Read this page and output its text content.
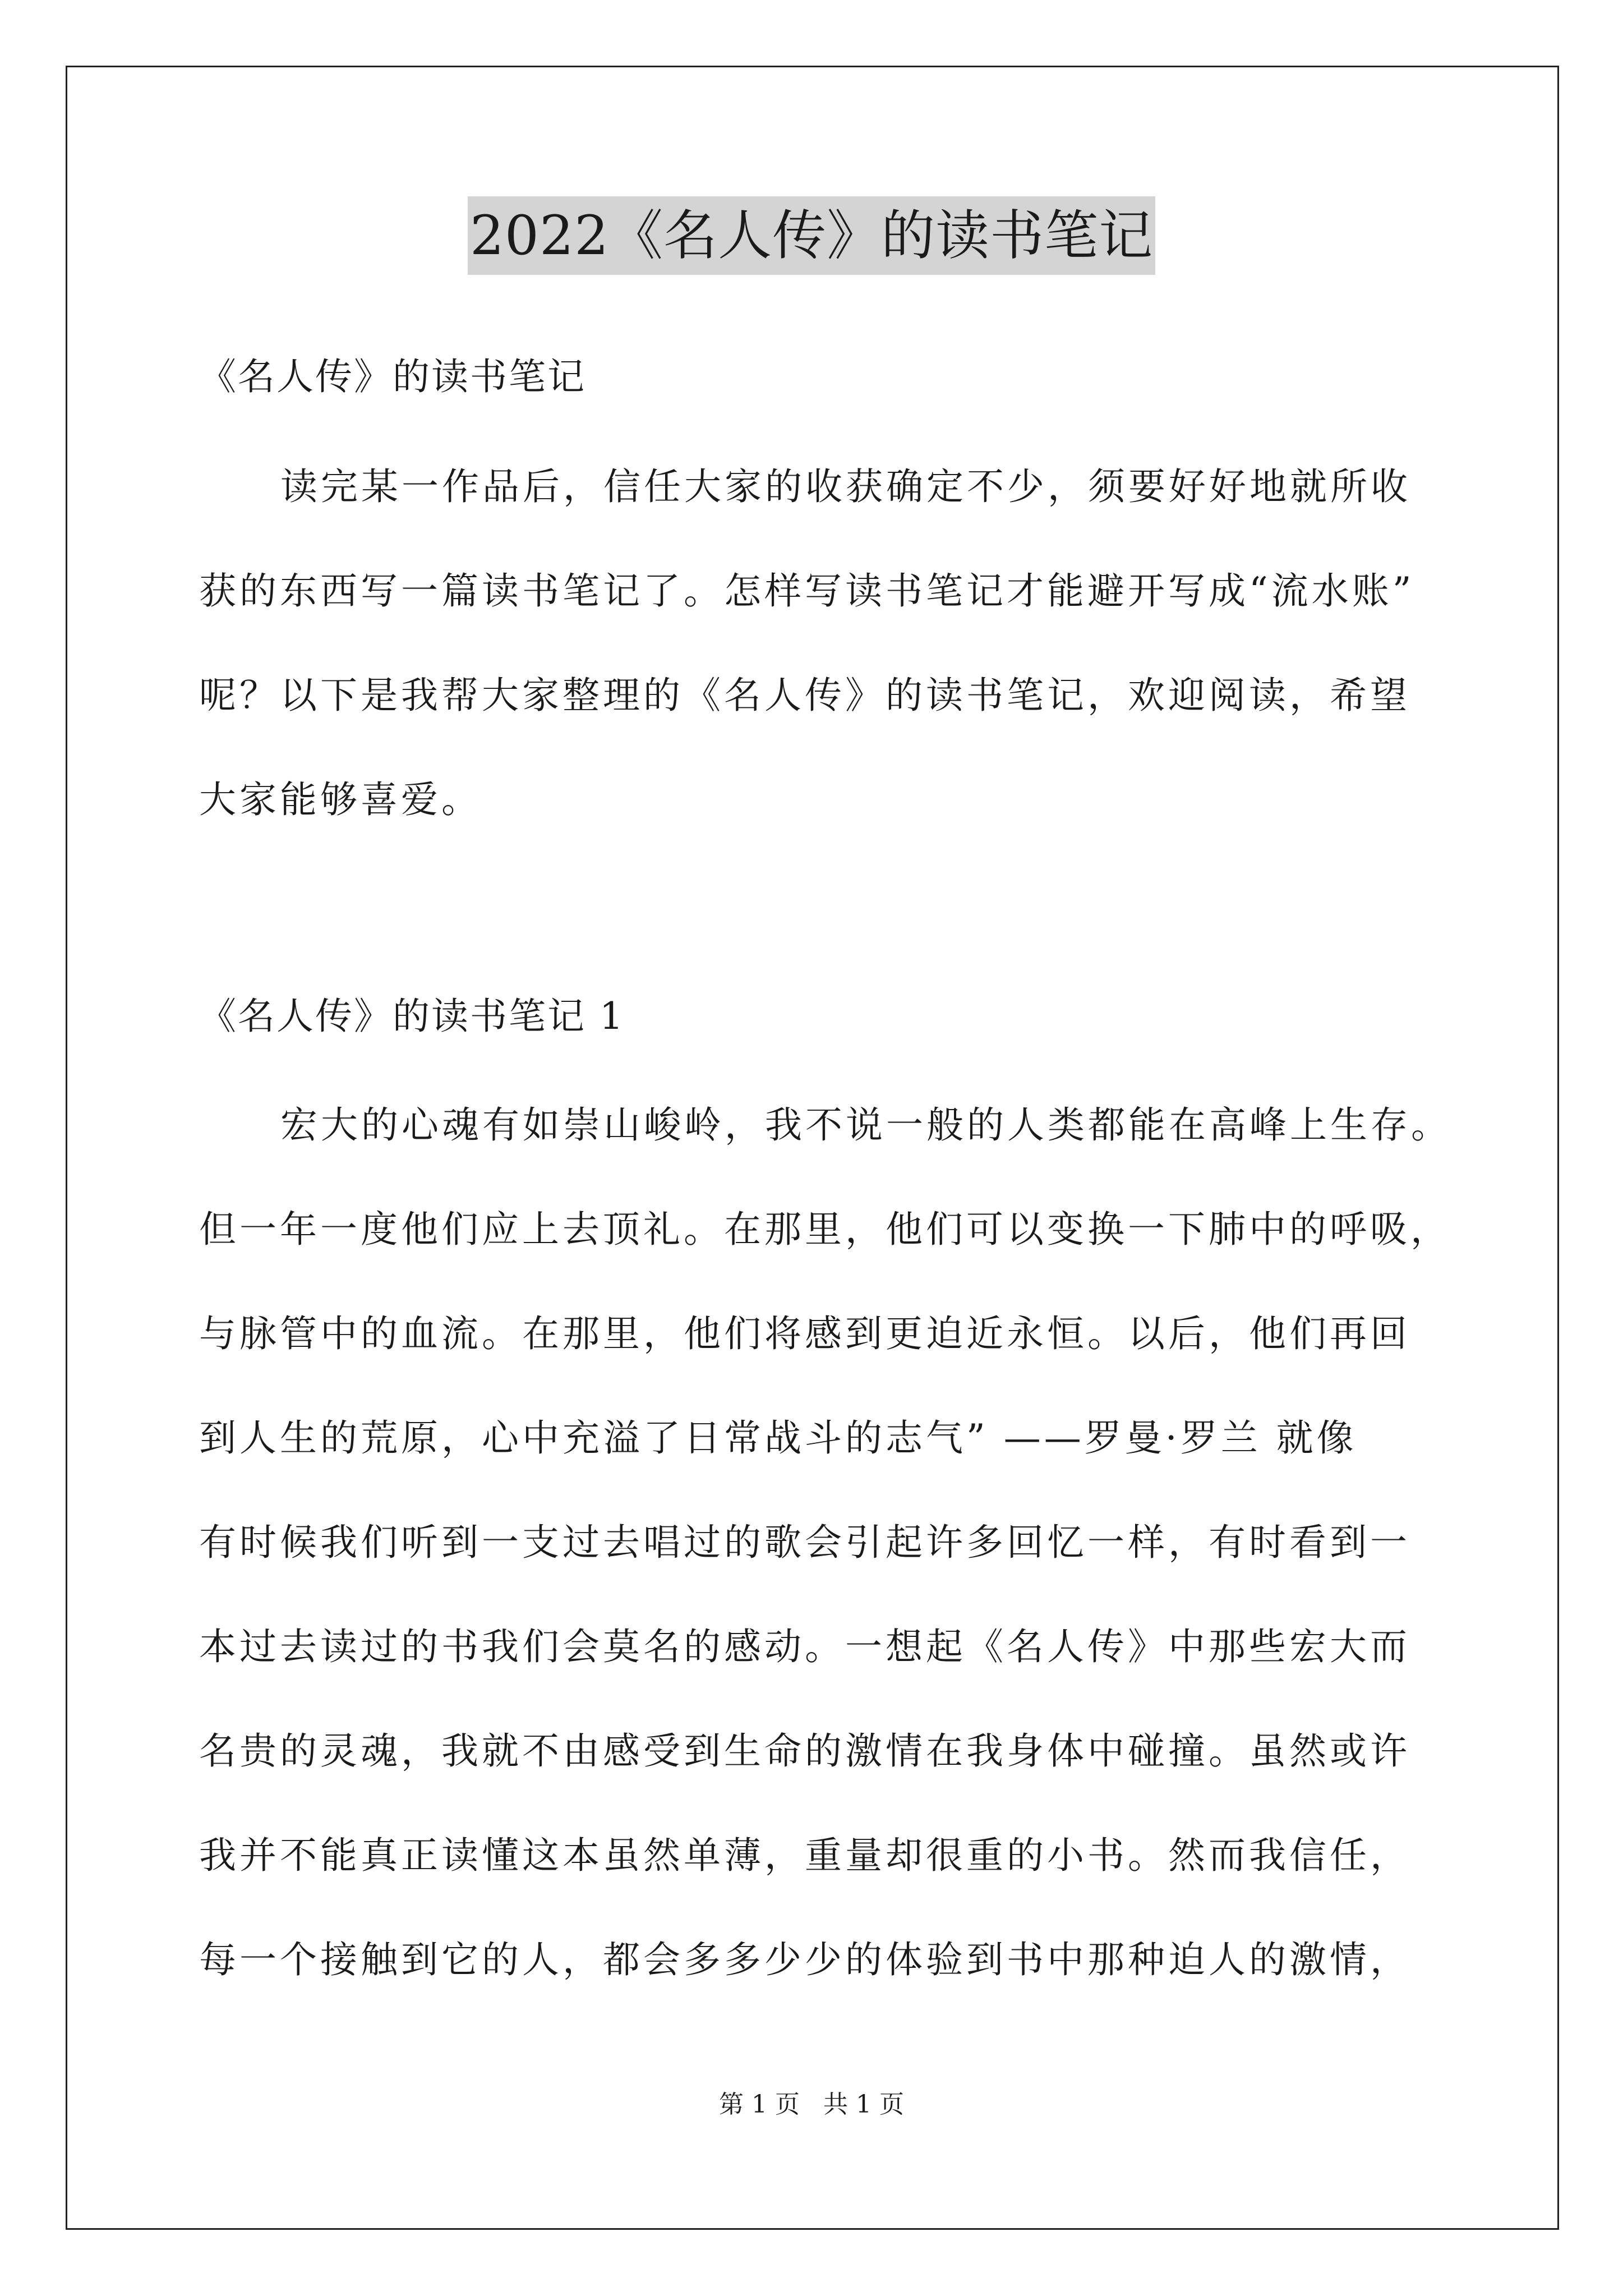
2022《名人传》的读书笔记
《名人传》的读书笔记
读完某一作品后，信任大家的收获确定不少，须要好好地就所收
获的东西写一篇读书笔记了。怎样写读书笔记才能避开写成“流水账”
呢？以下是我帮大家整理的《名人传》的读书笔记，欢迎阅读，希望
大家能够喜爱。
《名人传》的读书笔记 1
宏大的心魂有如崇山峻岭，我不说一般的人类都能在高峰上生存。
但一年一度他们应上去顶礼。在那里，他们可以变换一下肺中的呼吸，
与脉管中的血流。在那里，他们将感到更迫近永恒。以后，他们再回
到人生的荒原，心中充溢了日常战斗的志气” ——罗曼·罗兰 就像
有时候我们听到一支过去唱过的歌会引起许多回忆一样，有时看到一
本过去读过的书我们会莫名的感动。一想起《名人传》中那些宏大而
名贵的灵魂，我就不由感受到生命的激情在我身体中碰撞。虽然或许
我并不能真正读懂这本虽然单薄，重量却很重的小书。然而我信任，
每一个接触到它的人，都会多多少少的体验到书中那种迫人的激情，
第 1 页 共 1 页
